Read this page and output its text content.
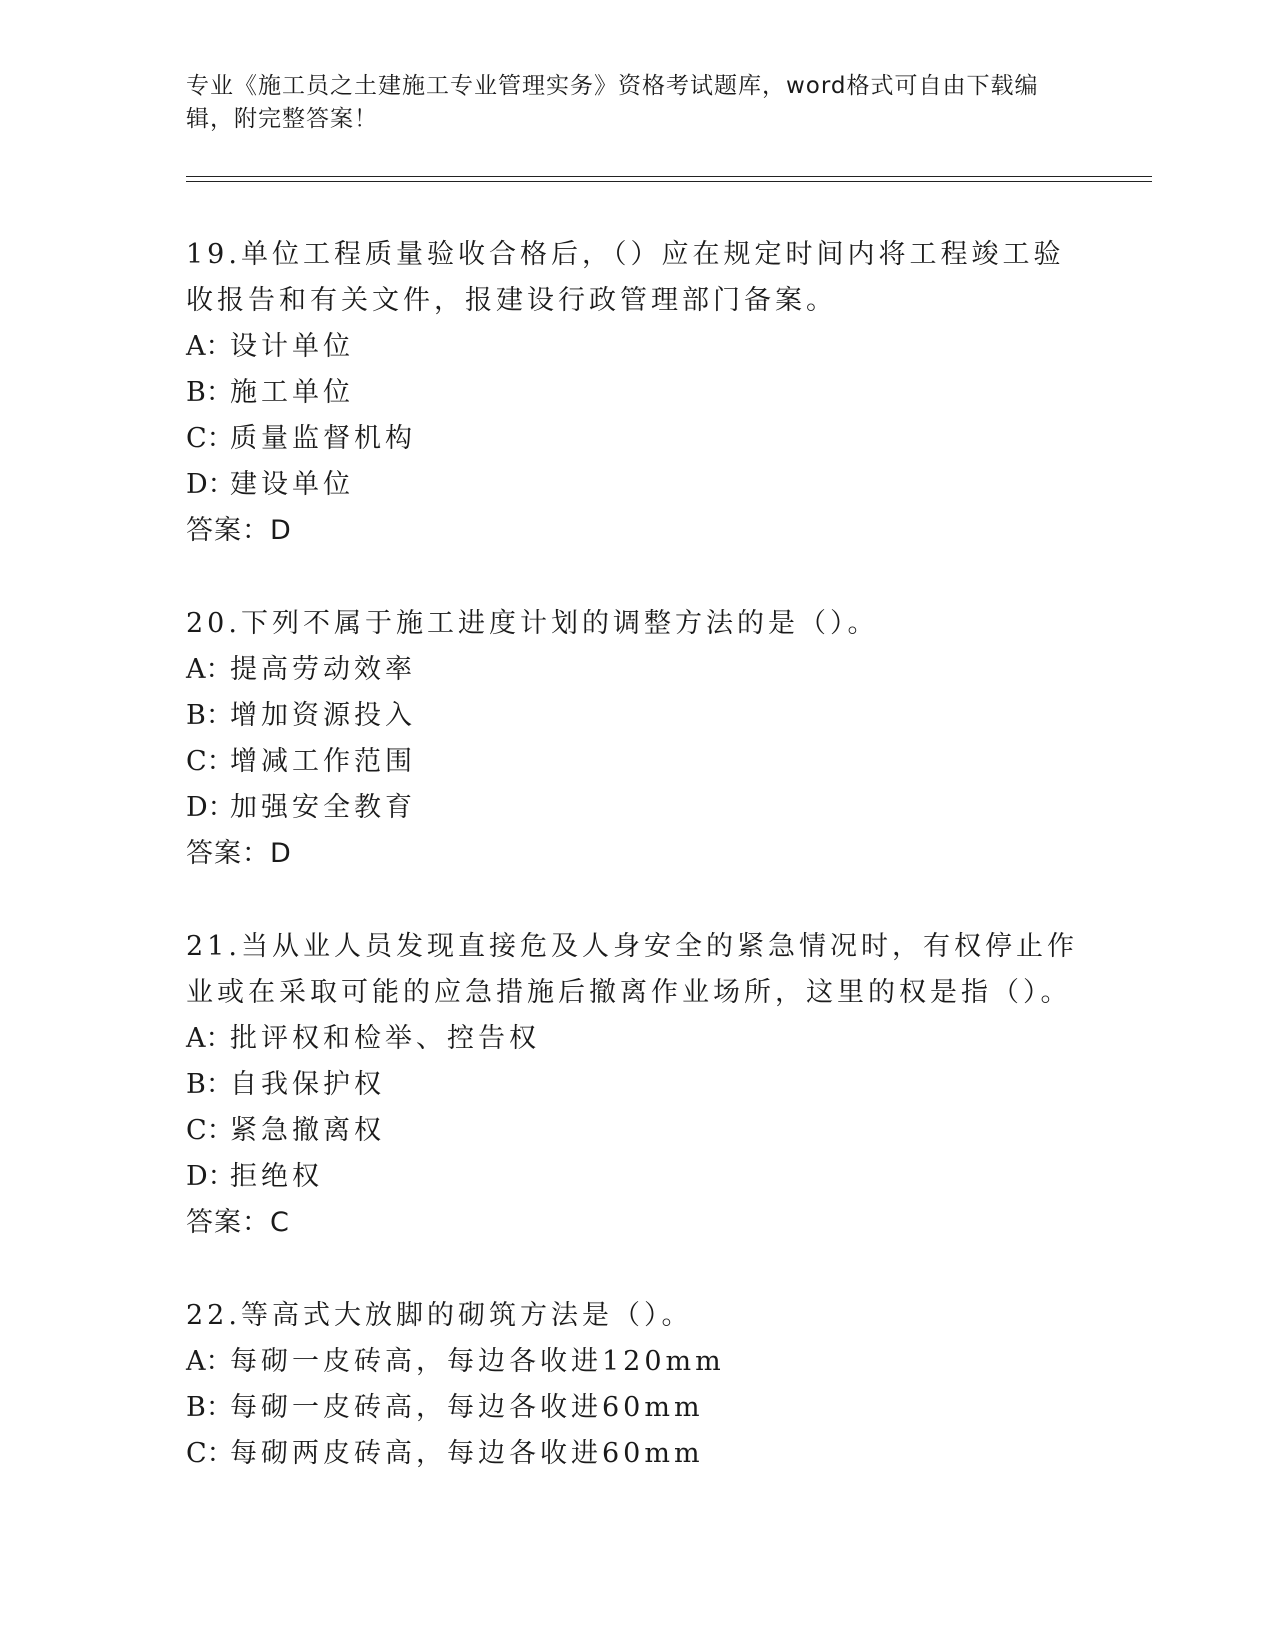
专业《施工员之土建施工专业管理实务》资格考试题库，word格式可自由下载编辑，附完整答案！
19.单位工程质量验收合格后，（）应在规定时间内将工程竣工验收报告和有关文件，报建设行政管理部门备案。
A：设计单位
B：施工单位
C：质量监督机构
D：建设单位
答案：D
20.下列不属于施工进度计划的调整方法的是（）。
A：提高劳动效率
B：增加资源投入
C：增减工作范围
D：加强安全教育
答案：D
21.当从业人员发现直接危及人身安全的紧急情况时，有权停止作业或在采取可能的应急措施后撤离作业场所，这里的权是指（）。
A：批评权和检举、控告权
B：自我保护权
C：紧急撤离权
D：拒绝权
答案：C
22.等高式大放脚的砌筑方法是（）。
A：每砌一皮砖高，每边各收进120mm
B：每砌一皮砖高，每边各收进60mm
C：每砌两皮砖高，每边各收进60mm
